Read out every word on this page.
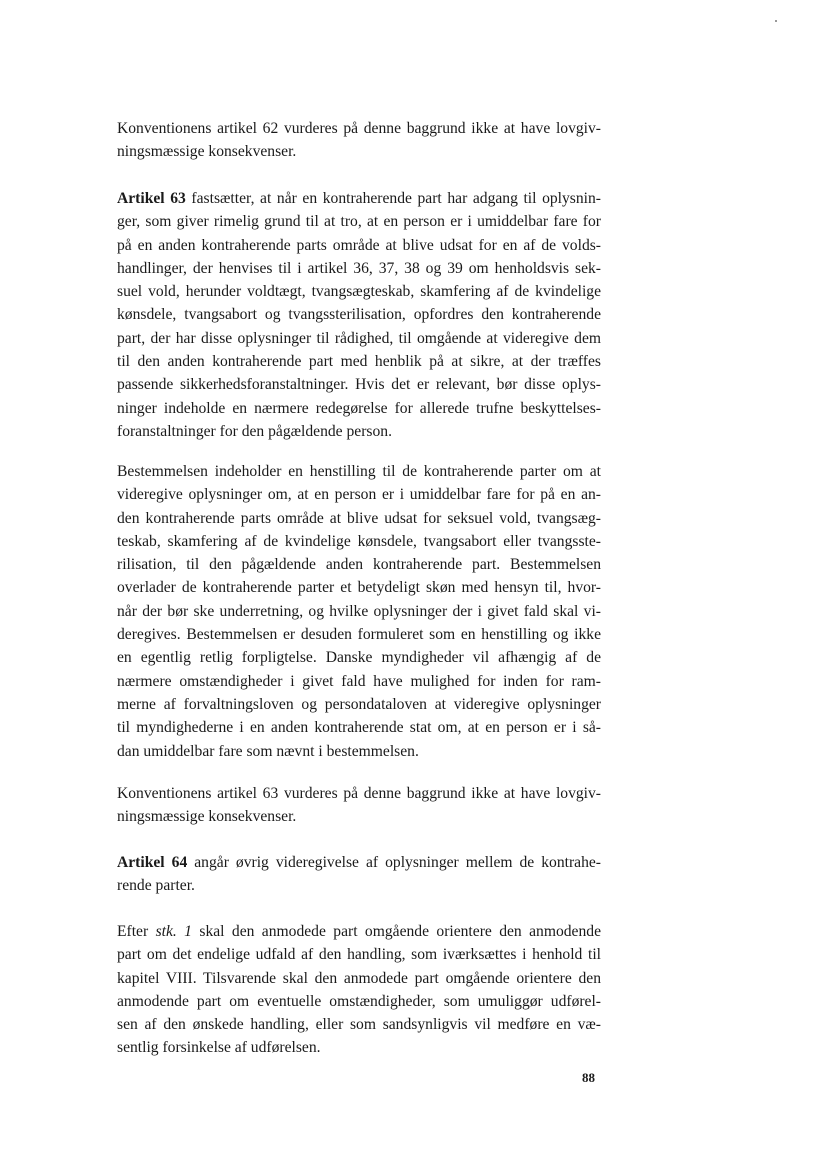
Konventionens artikel 62 vurderes på denne baggrund ikke at have lovgiv-
ningsmæssige konsekvenser.
Artikel 63 fastsætter, at når en kontraherende part har adgang til oplysnin-
ger, som giver rimelig grund til at tro, at en person er i umiddelbar fare for
på en anden kontraherende parts område at blive udsat for en af de volds-
handlinger, der henvises til i artikel 36, 37, 38 og 39 om henholdsvis sek-
suel vold, herunder voldtægt, tvangsægteskab, skamfering af de kvindelige
kønsdele, tvangsabort og tvangssterilisation, opfordres den kontraherende
part, der har disse oplysninger til rådighed, til omgående at videregive dem
til den anden kontraherende part med henblik på at sikre, at der træffes
passende sikkerhedsforanstaltninger. Hvis det er relevant, bør disse oplys-
ninger indeholde en nærmere redegørelse for allerede trufne beskyttelses-
foranstaltninger for den pågældende person.
Bestemmelsen indeholder en henstilling til de kontraherende parter om at
videregive oplysninger om, at en person er i umiddelbar fare for på en an-
den kontraherende parts område at blive udsat for seksuel vold, tvangsæg-
teskab, skamfering af de kvindelige kønsdele, tvangsabort eller tvangsste-
rilisation, til den pågældende anden kontraherende part. Bestemmelsen
overlader de kontraherende parter et betydeligt skøn med hensyn til, hvor-
når der bør ske underretning, og hvilke oplysninger der i givet fald skal vi-
deregives. Bestemmelsen er desuden formuleret som en henstilling og ikke
en egentlig retlig forpligtelse. Danske myndigheder vil afhængig af de
nærmere omstændigheder i givet fald have mulighed for inden for ram-
merne af forvaltningsloven og persondataloven at videregive oplysninger
til myndighederne i en anden kontraherende stat om, at en person er i så-
dan umiddelbar fare som nævnt i bestemmelsen.
Konventionens artikel 63 vurderes på denne baggrund ikke at have lovgiv-
ningsmæssige konsekvenser.
Artikel 64 angår øvrig videregivelse af oplysninger mellem de kontrahe-
rende parter.
Efter stk. 1 skal den anmodede part omgående orientere den anmodende
part om det endelige udfald af den handling, som iværksættes i henhold til
kapitel VIII. Tilsvarende skal den anmodede part omgående orientere den
anmodende part om eventuelle omstændigheder, som umuliggør udførel-
sen af den ønskede handling, eller som sandsynligvis vil medføre en væ-
sentlig forsinkelse af udførelsen.
88
